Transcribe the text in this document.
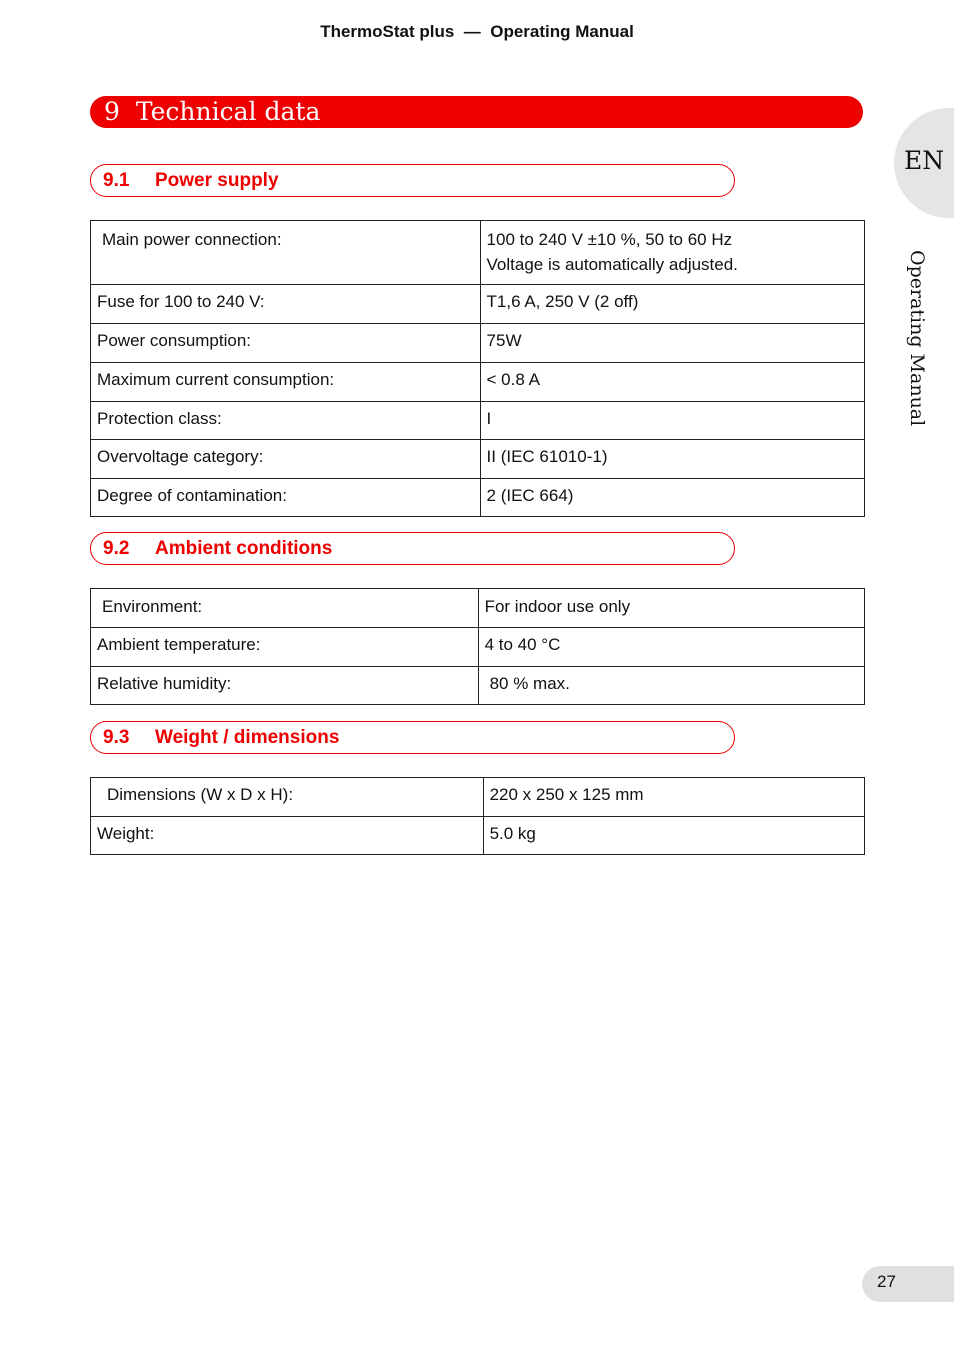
ThermoStat plus — Operating Manual
EN
Operating Manual
9 Technical data
9.1	Power supply
Main power connection:	100 to 240 V ±10 %, 50 to 60 Hz
Voltage is automatically adjusted.

Fuse for 100 to 240 V:	T1,6 A, 250 V (2 off)
Power consumption:	75W
Maximum current consumption:	< 0.8 A
Protection class:	I
Overvoltage category:	II (IEC 61010-1)
Degree of contamination:	2 (IEC 664)
9.2	Ambient conditions
Environment:	For indoor use only
Ambient temperature:	4 to 40 °C
Relative humidity:	80 % max.
9.3	Weight / dimensions
Dimensions (W x D x H):	220 x 250 x 125 mm
Weight:	5.0 kg
27
